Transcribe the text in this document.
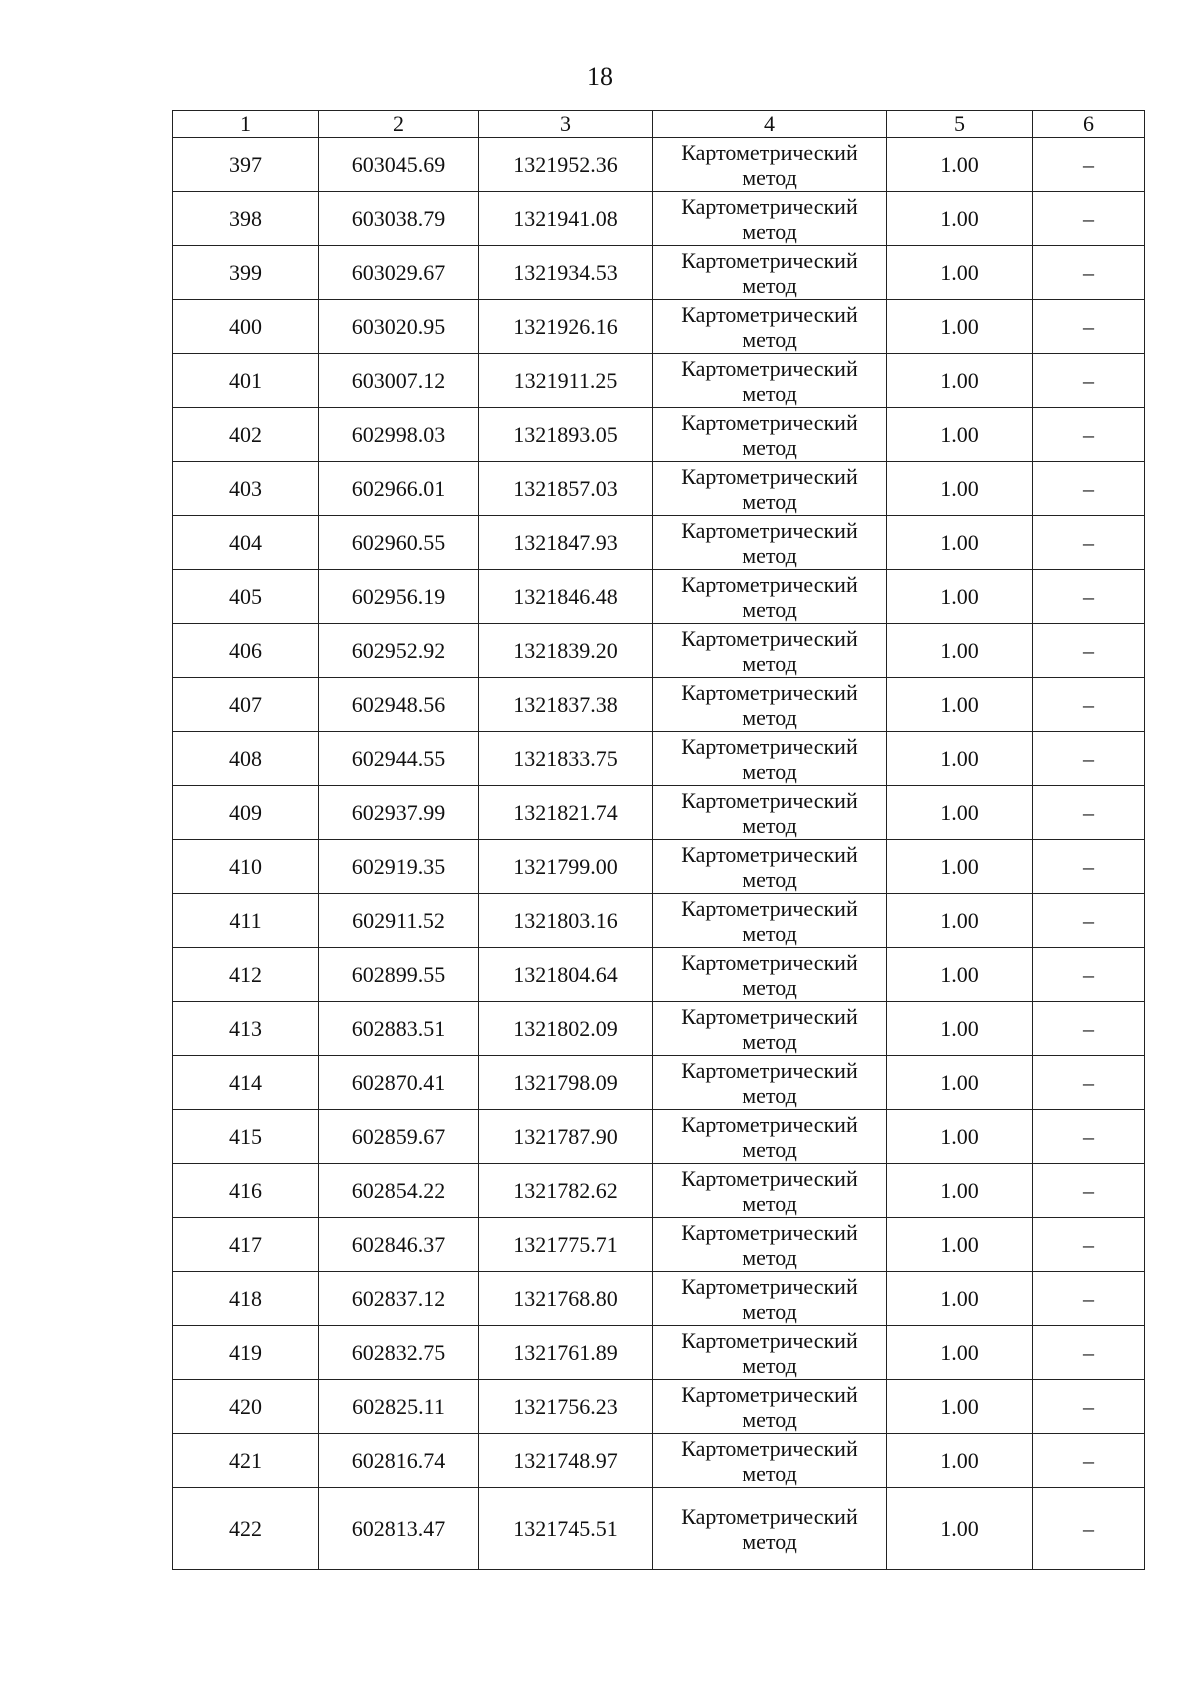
18
1	2	3	4	5	6
397	603045.69	1321952.36	Картометрический метод	1.00	–
398	603038.79	1321941.08	Картометрический метод	1.00	–
399	603029.67	1321934.53	Картометрический метод	1.00	–
400	603020.95	1321926.16	Картометрический метод	1.00	–
401	603007.12	1321911.25	Картометрический метод	1.00	–
402	602998.03	1321893.05	Картометрический метод	1.00	–
403	602966.01	1321857.03	Картометрический метод	1.00	–
404	602960.55	1321847.93	Картометрический метод	1.00	–
405	602956.19	1321846.48	Картометрический метод	1.00	–
406	602952.92	1321839.20	Картометрический метод	1.00	–
407	602948.56	1321837.38	Картометрический метод	1.00	–
408	602944.55	1321833.75	Картометрический метод	1.00	–
409	602937.99	1321821.74	Картометрический метод	1.00	–
410	602919.35	1321799.00	Картометрический метод	1.00	–
411	602911.52	1321803.16	Картометрический метод	1.00	–
412	602899.55	1321804.64	Картометрический метод	1.00	–
413	602883.51	1321802.09	Картометрический метод	1.00	–
414	602870.41	1321798.09	Картометрический метод	1.00	–
415	602859.67	1321787.90	Картометрический метод	1.00	–
416	602854.22	1321782.62	Картометрический метод	1.00	–
417	602846.37	1321775.71	Картометрический метод	1.00	–
418	602837.12	1321768.80	Картометрический метод	1.00	–
419	602832.75	1321761.89	Картометрический метод	1.00	–
420	602825.11	1321756.23	Картометрический метод	1.00	–
421	602816.74	1321748.97	Картометрический метод	1.00	–
422	602813.47	1321745.51	Картометрический метод	1.00	–
